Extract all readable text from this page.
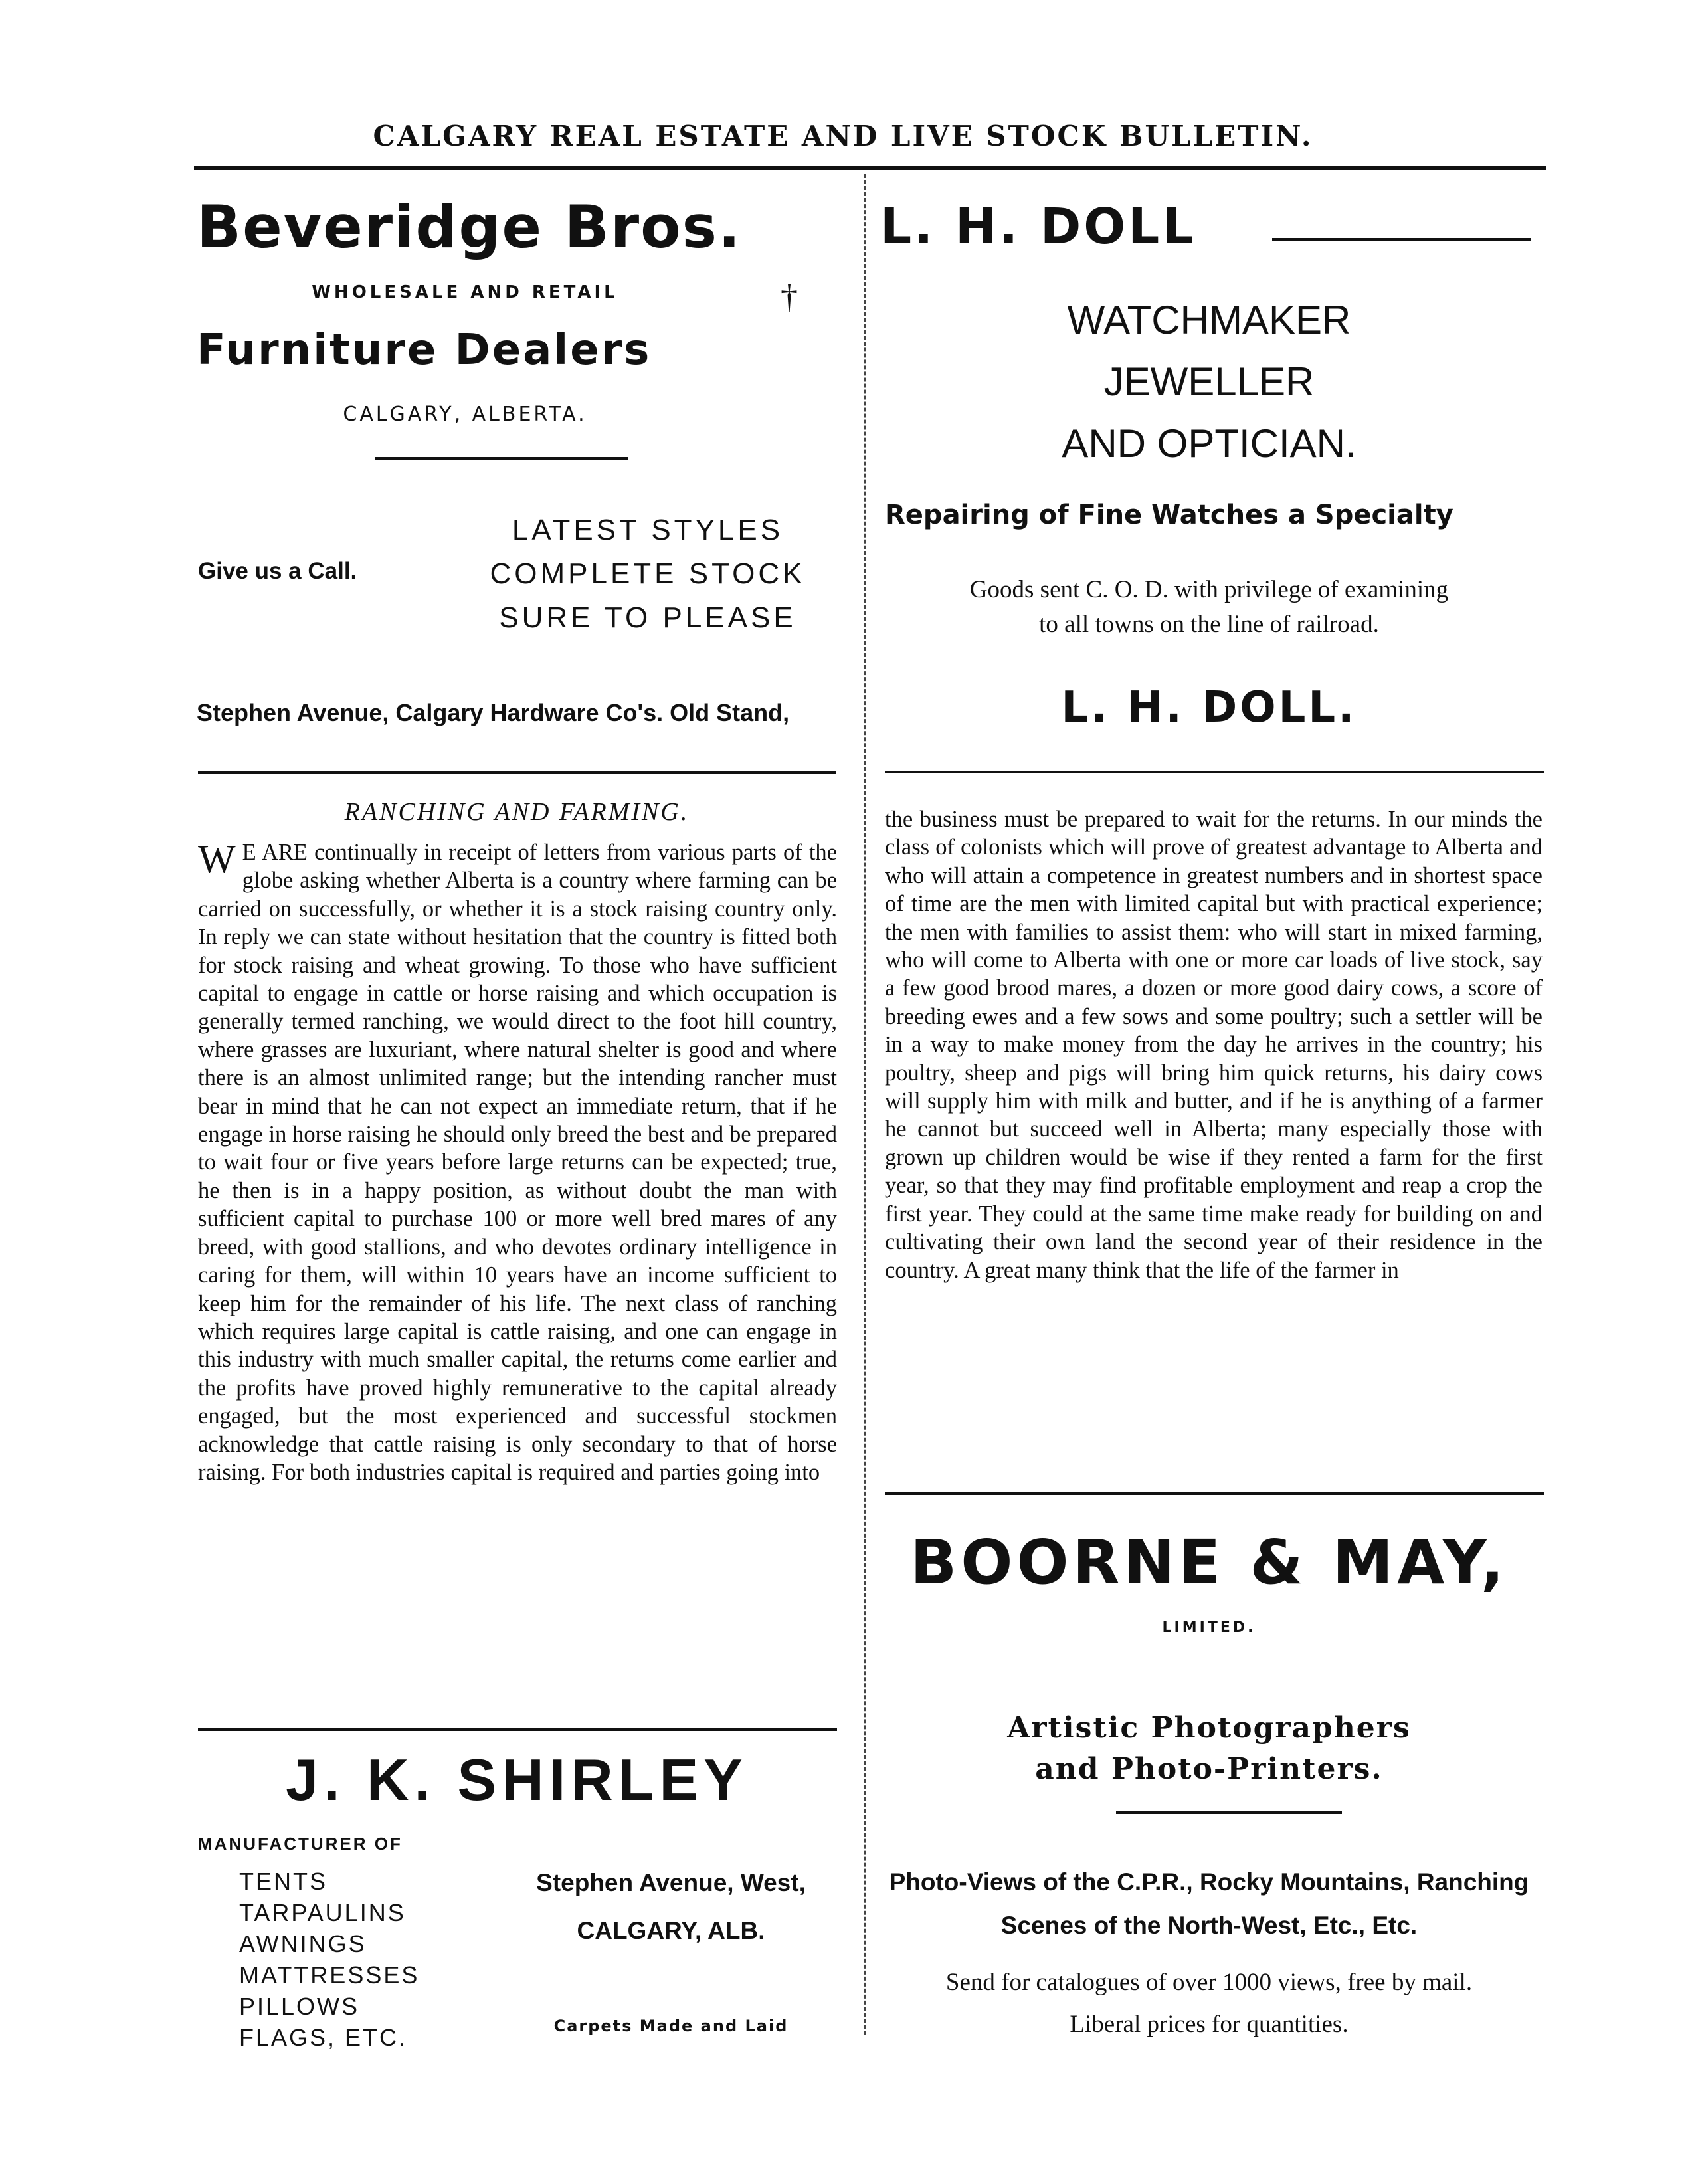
CALGARY REAL ESTATE AND LIVE STOCK BULLETIN.
Beveridge Bros.
WHOLESALE AND RETAIL	†
Furniture Dealers
CALGARY, ALBERTA.
Give us a Call.
LATEST STYLES
COMPLETE STOCK
SURE TO PLEASE
Stephen Avenue, Calgary Hardware Co's. Old Stand,
L. H. DOLL
WATCHMAKER
JEWELLER
AND OPTICIAN.
Repairing of Fine Watches a Specialty
Goods sent C. O. D. with privilege of examining
to all towns on the line of railroad.
L. H. DOLL.
RANCHING AND FARMING.
W E ARE continually in receipt of letters from various parts of the globe asking whether Alberta is a country where farming can be carried on successfully, or whether it is a stock raising country only. In reply we can state without hesitation that the country is fitted both for stock raising and wheat growing. To those who have sufficient capital to engage in cattle or horse raising and which occupation is generally termed ranching, we would direct to the foot hill country, where grasses are luxuriant, where natural shelter is good and where there is an almost unlimited range; but the intending rancher must bear in mind that he can not expect an immediate return, that if he engage in horse raising he should only breed the best and be prepared to wait four or five years before large returns can be expected; true, he then is in a happy position, as without doubt the man with sufficient capital to purchase 100 or more well bred mares of any breed, with good stallions, and who devotes ordinary intelligence in caring for them, will within 10 years have an income sufficient to keep him for the remainder of his life. The next class of ranching which requires large capital is cattle raising, and one can engage in this industry with much smaller capital, the returns come earlier and the profits have proved highly remunerative to the capital already engaged, but the most experienced and successful stockmen acknowledge that cattle raising is only secondary to that of horse raising. For both industries capital is required and parties going into
the business must be prepared to wait for the returns. In our minds the class of colonists which will prove of greatest advantage to Alberta and who will attain a competence in greatest numbers and in shortest space of time are the men with limited capital but with practical experience; the men with families to assist them: who will start in mixed farming, who will come to Alberta with one or more car loads of live stock, say a few good brood mares, a dozen or more good dairy cows, a score of breeding ewes and a few sows and some poultry; such a settler will be in a way to make money from the day he arrives in the country; his poultry, sheep and pigs will bring him quick returns, his dairy cows will supply him with milk and butter, and if he is anything of a farmer he cannot but succeed well in Alberta; many especially those with grown up children would be wise if they rented a farm for the first year, so that they may find profitable employment and reap a crop the first year. They could at the same time make ready for building on and cultivating their own land the second year of their residence in the country. A great many think that the life of the farmer in
BOORNE & MAY,
LIMITED.
Artistic Photographers
and Photo-Printers.
Photo-Views of the C.P.R., Rocky Mountains, Ranching
Scenes of the North-West, Etc., Etc.
Send for catalogues of over 1000 views, free by mail.
Liberal prices for quantities.
J. K. SHIRLEY
MANUFACTURER OF
TENTS
TARPAULINS
AWNINGS
MATTRESSES
PILLOWS
FLAGS, ETC.
Stephen Avenue, West,
CALGARY, ALB.
Carpets Made and Laid
